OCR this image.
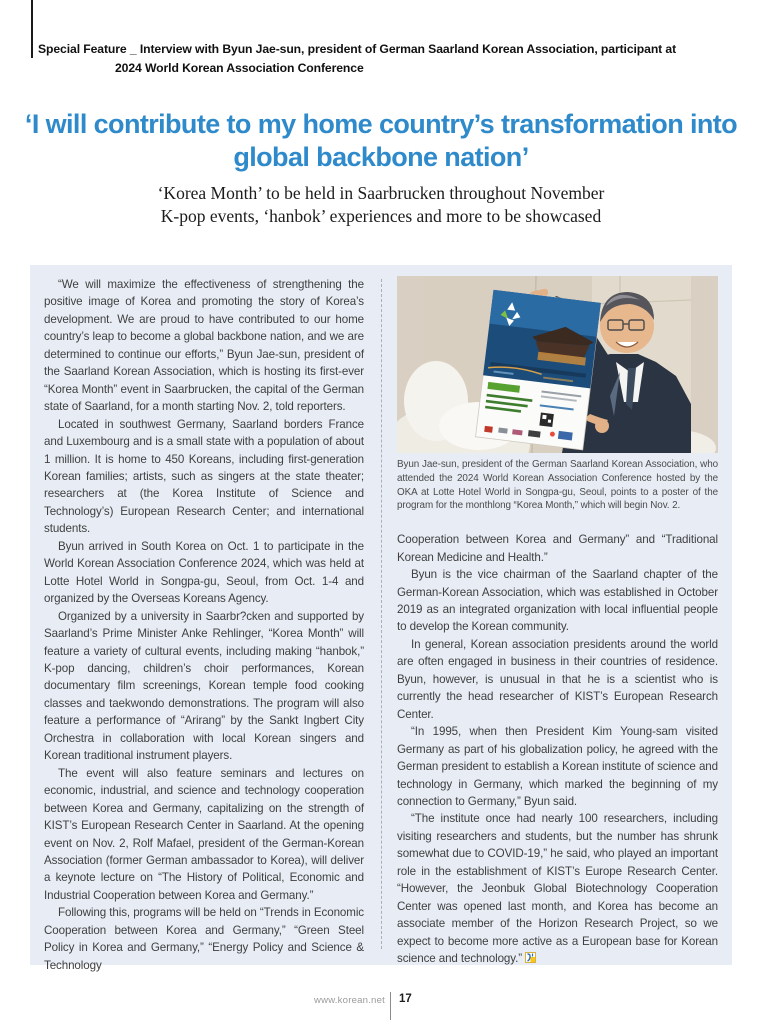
Special Feature _ Interview with Byun Jae-sun, president of German Saarland Korean Association, participant at
2024 World Korean Association Conference
‘I will contribute to my home country’s transformation into
global backbone nation’
‘Korea Month’ to be held in Saarbrucken throughout November
K-pop events, ‘hanbok’ experiences and more to be showcased

“We will maximize the effectiveness of strengthening the positive image of Korea and promoting the story of Korea’s development. We are proud to have contributed to our home country’s leap to become a global backbone nation, and we are determined to continue our efforts,” Byun Jae-sun, president of the Saarland Korean Association, which is hosting its first-ever “Korea Month” event in Saarbrucken, the capital of the German state of Saarland, for a month starting Nov. 2, told reporters.

Located in southwest Germany, Saarland borders France and Luxembourg and is a small state with a population of about 1 million. It is home to 450 Koreans, including first-generation Korean families; artists, such as singers at the state theater; researchers at (the Korea Institute of Science and Technology’s) European Research Center; and international students.

Byun arrived in South Korea on Oct. 1 to participate in the World Korean Association Conference 2024, which was held at Lotte Hotel World in Songpa-gu, Seoul, from Oct. 1-4 and organized by the Overseas Koreans Agency.

Organized by a university in Saarbr?cken and supported by Saarland’s Prime Minister Anke Rehlinger, “Korea Month” will feature a variety of cultural events, including making “hanbok,” K-pop dancing, children’s choir performances, Korean documentary film screenings, Korean temple food cooking classes and taekwondo demonstrations. The program will also feature a performance of “Arirang” by the Sankt Ingbert City Orchestra in collaboration with local Korean singers and Korean traditional instrument players.

The event will also feature seminars and lectures on economic, industrial, and science and technology cooperation between Korea and Germany, capitalizing on the strength of KIST’s European Research Center in Saarland. At the opening event on Nov. 2, Rolf Mafael, president of the German-Korean Association (former German ambassador to Korea), will deliver a keynote lecture on “The History of Political, Economic and Industrial Cooperation between Korea and Germany.”

Following this, programs will be held on “Trends in Economic Cooperation between Korea and Germany,” “Green Steel Policy in Korea and Germany,” “Energy Policy and Science & Technology

Byun Jae-sun, president of the German Saarland Korean Association, who attended the 2024 World Korean Association Conference hosted by the OKA at Lotte Hotel World in Songpa-gu, Seoul, points to a poster of the program for the monthlong “Korea Month,” which will begin Nov. 2.

Cooperation between Korea and Germany” and “Traditional Korean Medicine and Health.”

Byun is the vice chairman of the Saarland chapter of the German-Korean Association, which was established in October 2019 as an integrated organization with local influential people to develop the Korean community.

In general, Korean association presidents around the world are often engaged in business in their countries of residence. Byun, however, is unusual in that he is a scientist who is currently the head researcher of KIST’s European Research Center.

“In 1995, when then President Kim Young-sam visited Germany as part of his globalization policy, he agreed with the German president to establish a Korean institute of science and technology in Germany, which marked the beginning of my connection to Germany,” Byun said.

“The institute once had nearly 100 researchers, including visiting researchers and students, but the number has shrunk somewhat due to COVID-19,” he said, who played an important role in the establishment of KIST’s Europe Research Center. “However, the Jeonbuk Global Biotechnology Cooperation Center was opened last month, and Korea has become an associate member of the Horizon Research Project, so we expect to become more active as a European base for Korean science and technology.”

www.korean.net 17
